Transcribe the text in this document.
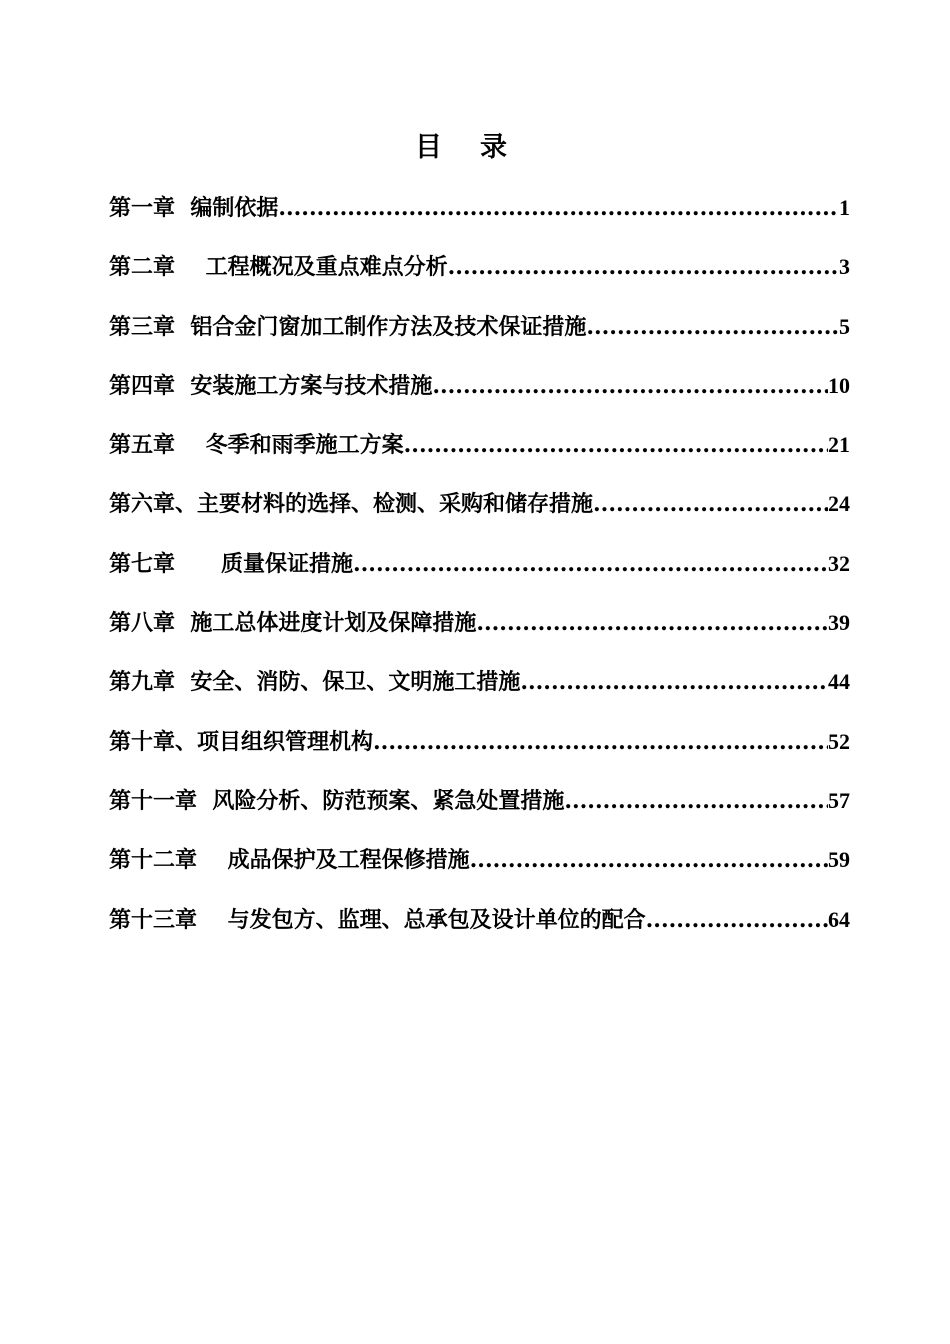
目录
第一章  编制依据 .....	1
第二章    工程概况及重点难点分析 .....	3
第三章  铝合金门窗加工制作方法及技术保证措施 .....	5
第四章  安装施工方案与技术措施 .....	10
第五章    冬季和雨季施工方案 .....	21
第六章、主要材料的选择、检测、采购和储存措施 .....	24
第七章      质量保证措施 .....	32
第八章  施工总体进度计划及保障措施 .....	39
第九章  安全、消防、保卫、文明施工措施 .....	44
第十章、项目组织管理机构 .....	52
第十一章  风险分析、防范预案、紧急处置措施 .....	57
第十二章    成品保护及工程保修措施 .....	59
第十三章    与发包方、监理、总承包及设计单位的配合 .....	64
